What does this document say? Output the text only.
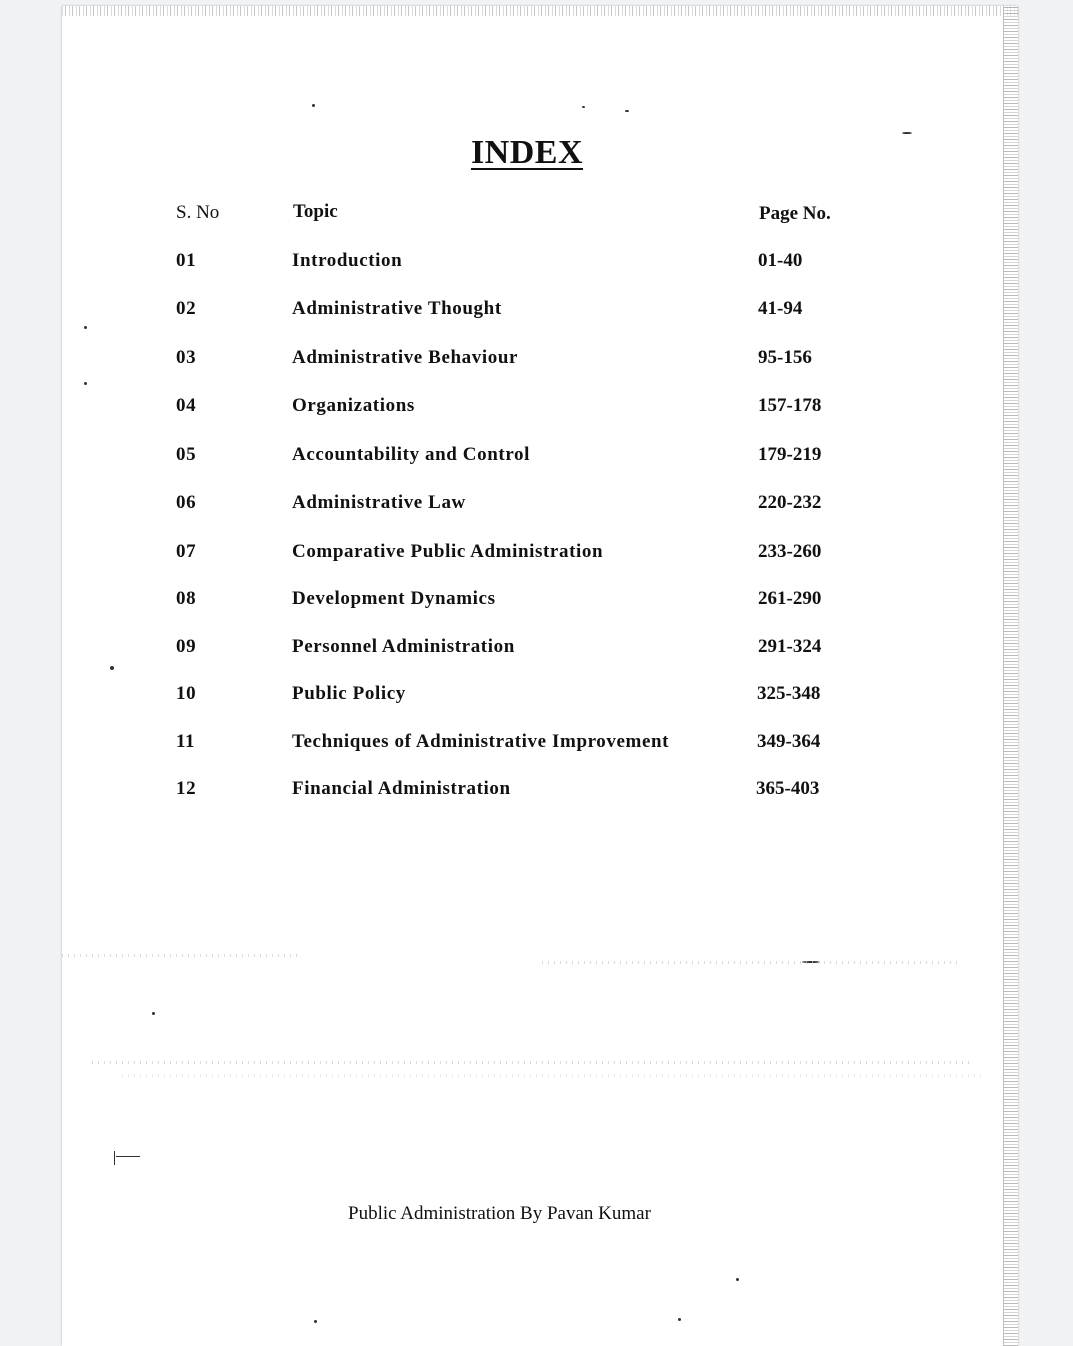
INDEX
S. No	Topic	Page No.
01	Introduction	01-40
02	Administrative Thought	41-94
03	Administrative Behaviour	95-156
04	Organizations	157-178
05	Accountability and Control	179-219
06	Administrative Law	220-232
07	Comparative Public Administration	233-260
08	Development Dynamics	261-290
09	Personnel Administration	291-324
10	Public Policy	325-348
11	Techniques of Administrative Improvement	349-364
12	Financial Administration	365-403
Public Administration By Pavan Kumar
